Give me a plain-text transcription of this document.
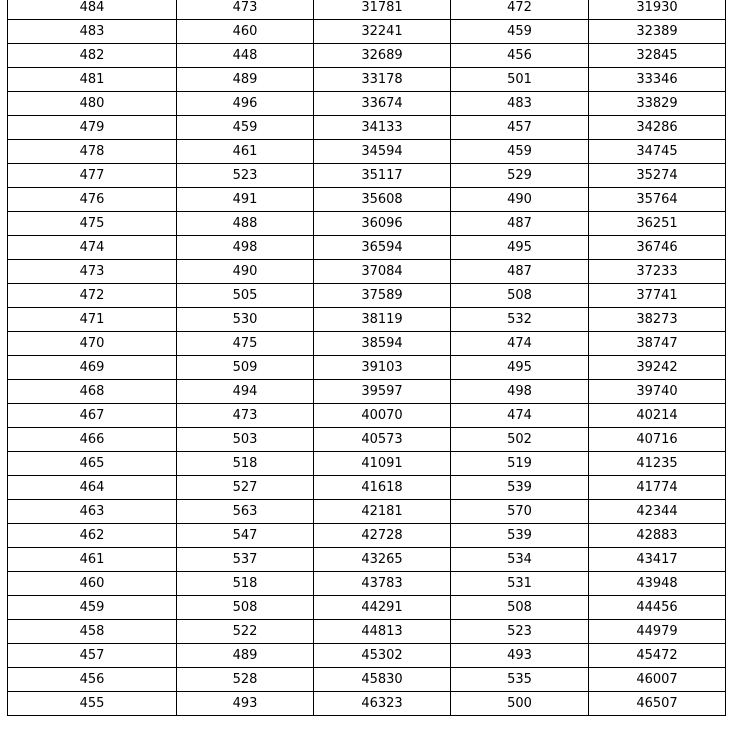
484	473	31781	472	31930
483	460	32241	459	32389
482	448	32689	456	32845
481	489	33178	501	33346
480	496	33674	483	33829
479	459	34133	457	34286
478	461	34594	459	34745
477	523	35117	529	35274
476	491	35608	490	35764
475	488	36096	487	36251
474	498	36594	495	36746
473	490	37084	487	37233
472	505	37589	508	37741
471	530	38119	532	38273
470	475	38594	474	38747
469	509	39103	495	39242
468	494	39597	498	39740
467	473	40070	474	40214
466	503	40573	502	40716
465	518	41091	519	41235
464	527	41618	539	41774
463	563	42181	570	42344
462	547	42728	539	42883
461	537	43265	534	43417
460	518	43783	531	43948
459	508	44291	508	44456
458	522	44813	523	44979
457	489	45302	493	45472
456	528	45830	535	46007
455	493	46323	500	46507
